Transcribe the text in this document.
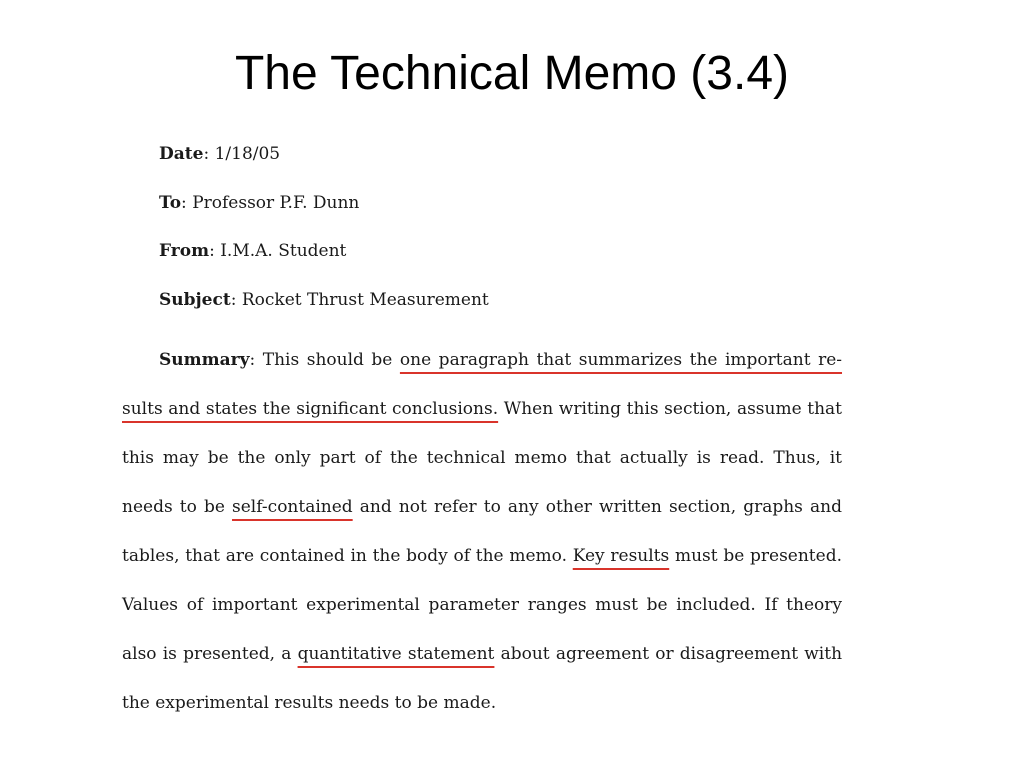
The Technical Memo (3.4)
Date: 1/18/05
To: Professor P.F. Dunn
From: I.M.A. Student
Subject: Rocket Thrust Measurement
Summary: This should be one paragraph that summarizes the important re-
sults and states the significant conclusions. When writing this section, assume that
this may be the only part of the technical memo that actually is read. Thus, it
needs to be self-contained and not refer to any other written section, graphs and
tables, that are contained in the body of the memo. Key results must be presented.
Values of important experimental parameter ranges must be included. If theory
also is presented, a quantitative statement about agreement or disagreement with
the experimental results needs to be made.
